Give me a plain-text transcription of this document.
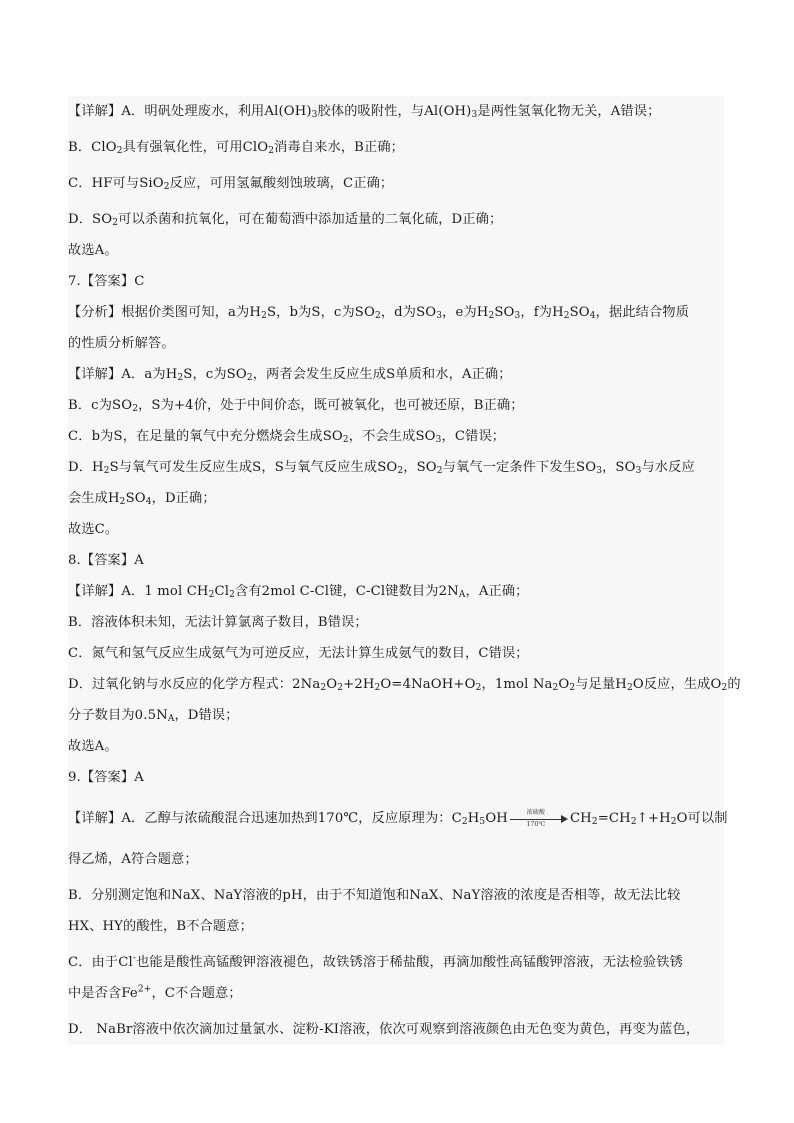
【详解】A．明矾处理废水，利用$Al(OH)_3$胶体的吸附性，与$Al(OH)_3$是两性氢氧化物无关，A错误；
B．ClO$_2$具有强氧化性，可用ClO$_2$消毒自来水，B正确；
C．HF可与SiO$_2$反应，可用氢氟酸刻蚀玻璃，C正确；
D．$SO_2$可以杀菌和抗氧化，可在葡萄酒中添加适量的二氧化硫，D正确；
故选A。
7.【答案】C
【分析】根据价类图可知，a为$H_2S$，b为S，c为$SO_2$，d为$SO_3$，e为$H_2SO_3$，f为$H_2SO_4$，据此结合物质
的性质分析解答。
【详解】A．a为$H_2S$，c为$SO_2$，两者会发生反应生成S单质和水，A正确；
B．c为$SO_2$，S为+4价，处于中间价态，既可被氧化，也可被还原，B正确；
C．b为S，在足量的氧气中充分燃烧会生成$SO_2$，不会生成$SO_3$，C错误；
D．$H_2S$与氧气可发生反应生成S，S与氧气反应生成$SO_2$，$SO_2$与氧气一定条件下发生$SO_3$，$SO_3$与水反应
会生成$H_2SO_4$，D正确；
故选C。
8.【答案】A
【详解】A．1 mol $CH_2Cl_2$含有2mol C-Cl键，C-Cl键数目为$2N_A$，A正确；
B．溶液体积未知，无法计算氯离子数目，B错误；
C．氮气和氢气反应生成氨气为可逆反应，无法计算生成氨气的数目，C错误；
D．过氧化钠与水反应的化学方程式：$2Na_2O_2+2H_2O=4NaOH+O_2$，1mol $Na_2O_2$与足量$H_2O$反应，生成$O_2$的
分子数目为$0.5N_A$，D错误；
故选A。
9.【答案】A
【详解】A．乙醇与浓硫酸混合迅速加热到170℃，反应原理为：$C_2H_5OH$	浓硫酸
170℃	$CH_2=CH_2↑+H_2O$可以制
得乙烯，A符合题意；
B．分别测定饱和NaX、NaY溶液的pH，由于不知道饱和NaX、NaY溶液的浓度是否相等，故无法比较
HX、HY的酸性，B不合题意；
C．由于Cl-也能是酸性高锰酸钾溶液褪色，故铁锈溶于稀盐酸，再滴加酸性高锰酸钾溶液，无法检验铁锈
中是否含$Fe^{2+}$，C不合题意；
D． NaBr溶液中依次滴加过量氯水、淀粉-KI溶液，依次可观察到溶液颜色由无色变为黄色，再变为蓝色，
